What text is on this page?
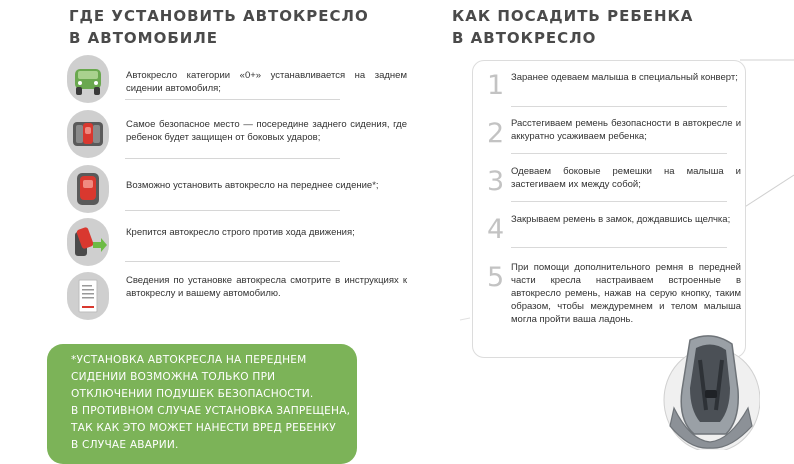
ГДЕ УСТАНОВИТЬ АВТОКРЕСЛО
В АВТОМОБИЛЕ
КАК ПОСАДИТЬ РЕБЕНКА
В АВТОКРЕСЛО
Автокресло категории «0+» устанавливается на заднем сидении автомобиля;
Самое безопасное место — посередине заднего сидения, где ребенок будет защищен от боковых ударов;
Возможно установить автокресло на переднее сидение*;
Крепится автокресло строго против хода движения;
Сведения по установке автокресла смотрите в инструкциях к автокреслу и вашему автомобилю.

*УСТАНОВКА АВТОКРЕСЛА НА ПЕРЕДНЕМ
СИДЕНИИ ВОЗМОЖНА ТОЛЬКО ПРИ
ОТКЛЮЧЕНИИ ПОДУШЕК БЕЗОПАСНОСТИ.
В ПРОТИВНОМ СЛУЧАЕ УСТАНОВКА ЗАПРЕЩЕНА,
ТАК КАК ЭТО МОЖЕТ НАНЕСТИ ВРЕД РЕБЕНКУ
В СЛУЧАЕ АВАРИИ.

1 Заранее одеваем малыша в специальный конверт;
2 Расстегиваем ремень безопасности в автокресле и аккуратно усаживаем ребенка;
3 Одеваем боковые ремешки на малыша и застегиваем их между собой;
4 Закрываем ремень в замок, дождавшись щелчка;
5 При помощи дополнительного ремня в передней части кресла настраиваем встроенные в автокресло ремень, нажав на серую кнопку, таким образом, чтобы междуремнем и телом малыша могла пройти ваша ладонь.
